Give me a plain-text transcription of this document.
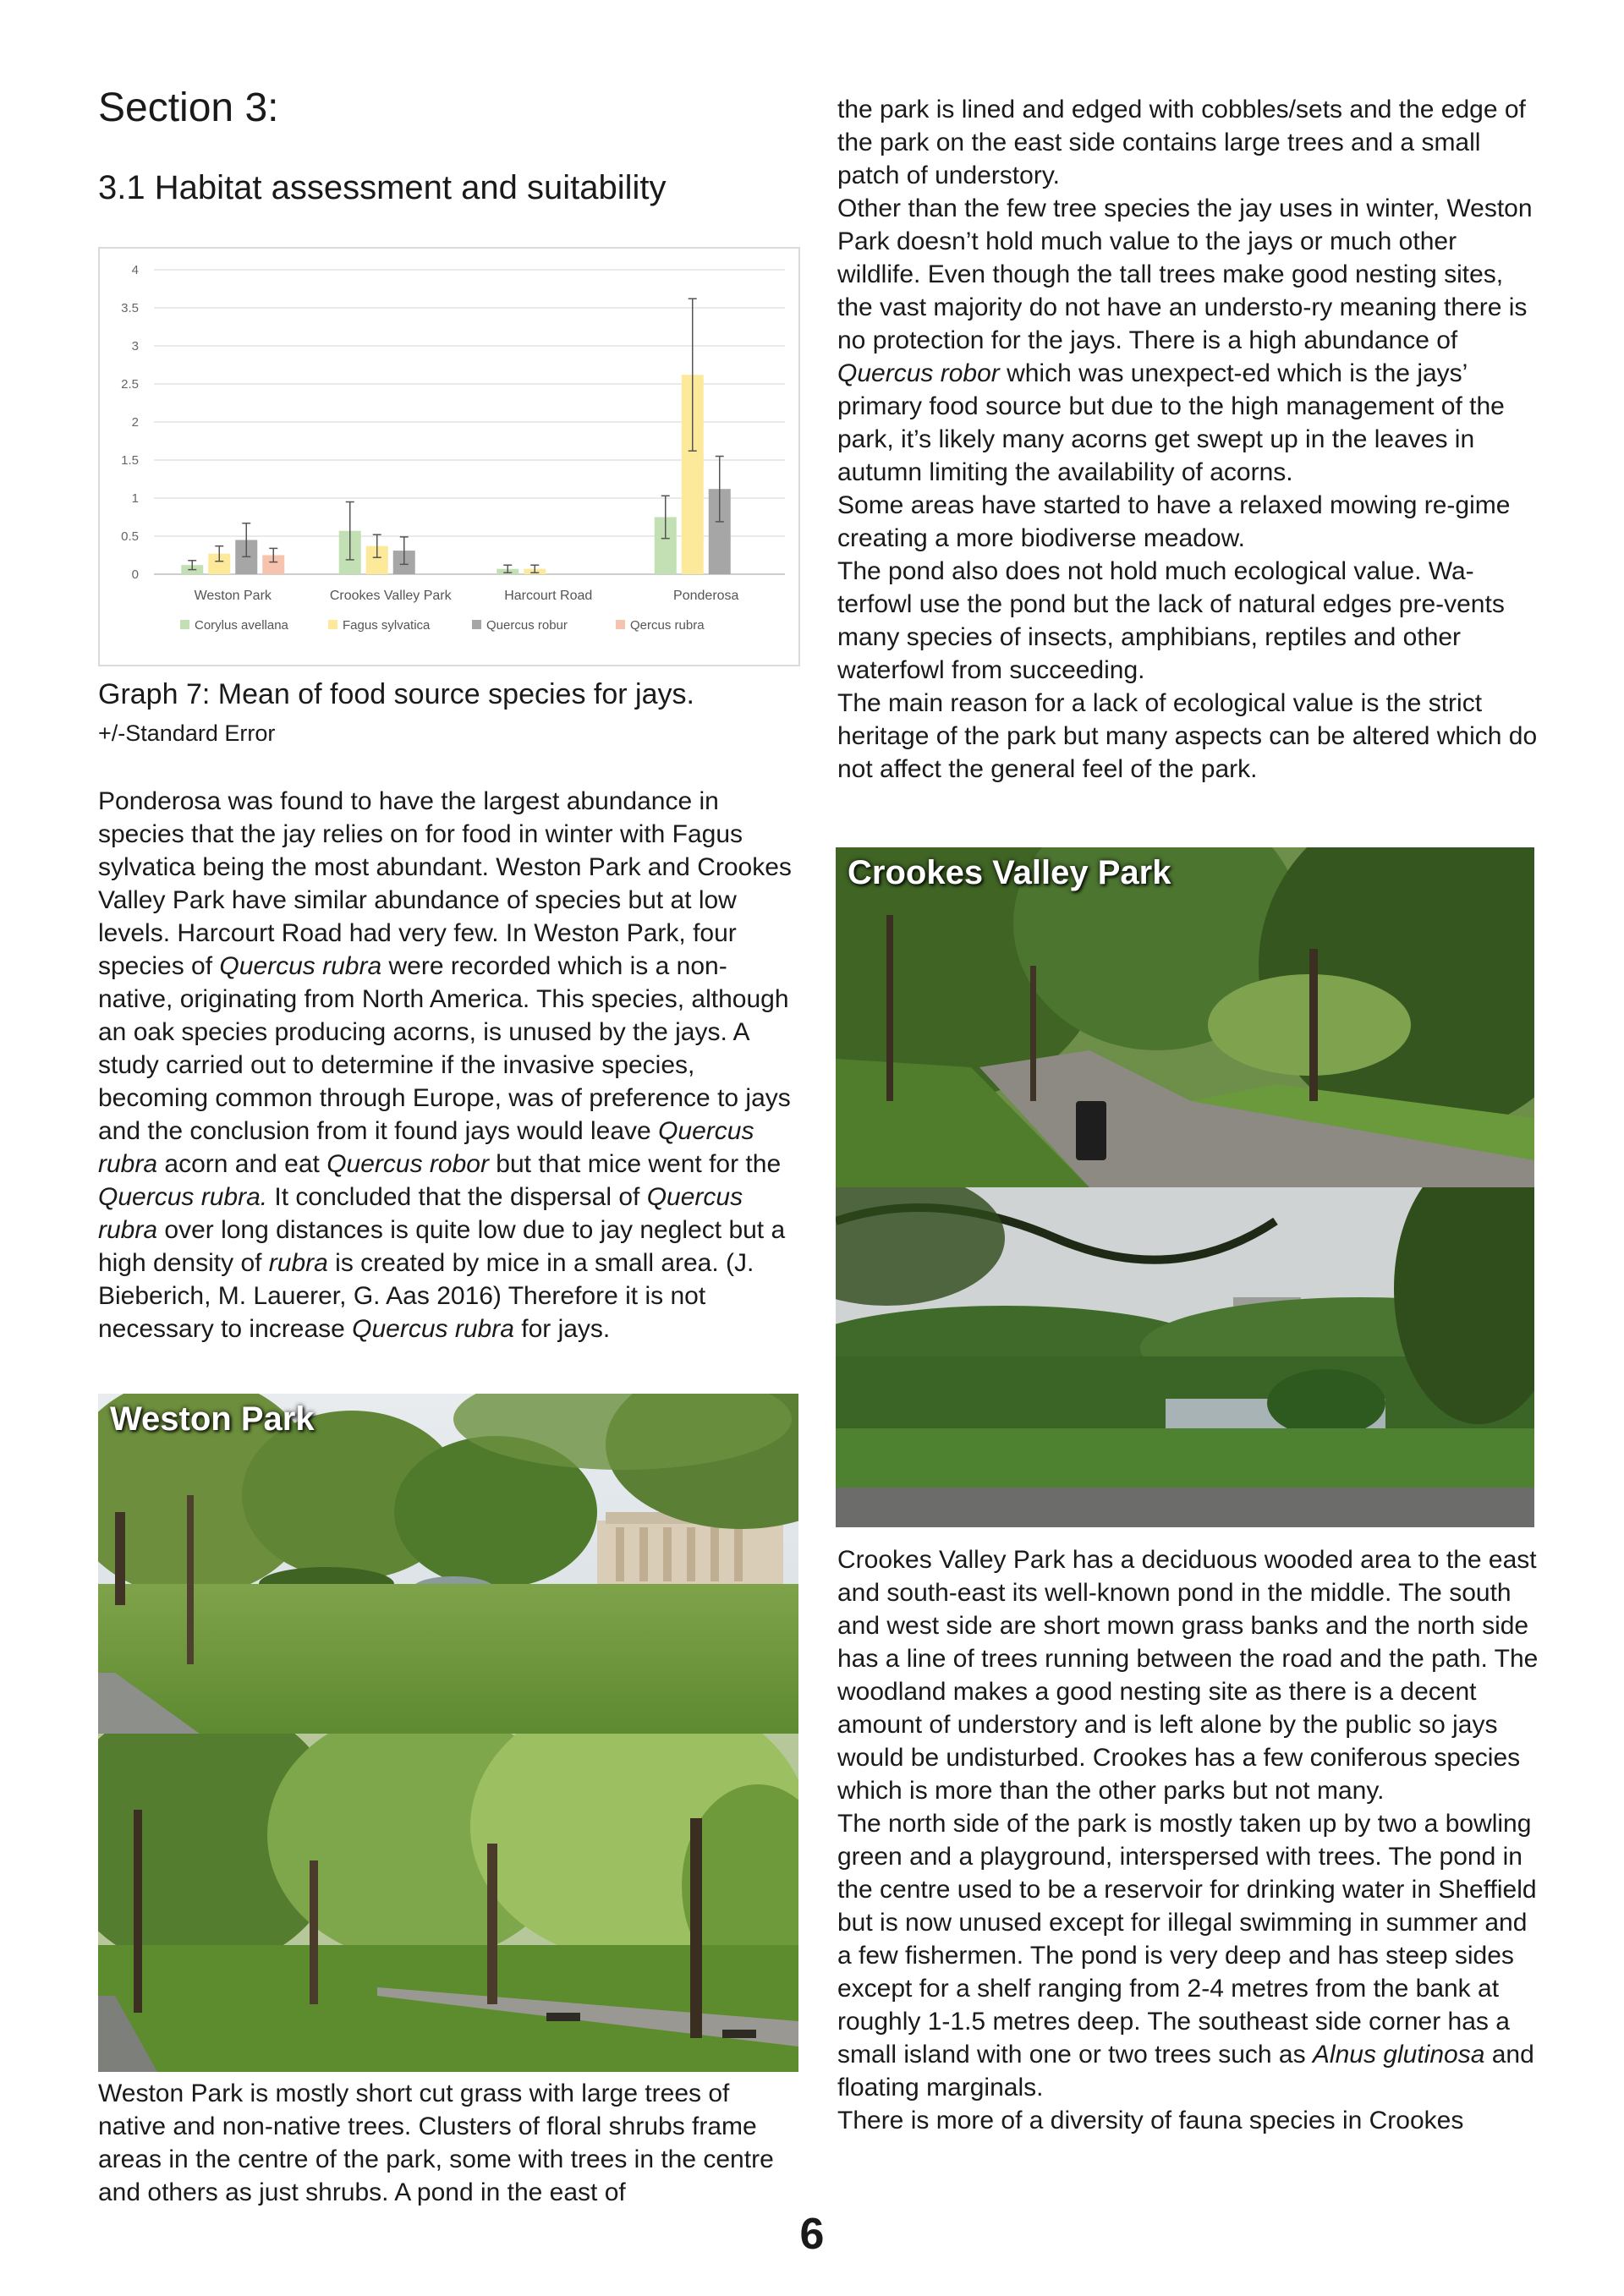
Section 3:
3.1 Habitat assessment and suitability
0
0.5
1
1.5
2
2.5
3
3.5
4
Weston Park	Crookes Valley Park	Harcourt Road	Ponderosa
Corylus avellana	Fagus sylvatica	Quercus robur	Qercus rubra

Graph 7: Mean of food source species for jays.

+/-Standard Error

Ponderosa was found to have the largest abundance in species that the jay relies on for food in winter with Fagus sylvatica being the most abundant. Weston Park and Crookes Valley Park have similar abundance of species but at low levels. Harcourt Road had very few. In Weston Park, four species of Quercus rubra were recorded which is a non-native, originating from North America. This species, although an oak species producing acorns, is unused by the jays. A study carried out to determine if the invasive species, becoming common through Europe, was of preference to jays and the conclusion from it found jays would leave Quercus rubra acorn and eat Quercus robor but that mice went for the Quercus rubra. It concluded that the dispersal of Quercus rubra over long distances is quite low due to jay neglect but a high density of rubra is created by mice in a small area. (J. Bieberich, M. Lauerer, G. Aas 2016) Therefore it is not necessary to increase Quercus rubra for jays.

Weston Park

Weston Park is mostly short cut grass with large trees of native and non-native trees. Clusters of floral shrubs frame areas in the centre of the park, some with trees in the centre and others as just shrubs. A pond in the east of

the park is lined and edged with cobbles/sets and the edge of the park on the east side contains large trees and a small patch of understory.

Other than the few tree species the jay uses in winter, Weston Park doesn’t hold much value to the jays or much other wildlife. Even though the tall trees make good nesting sites, the vast majority do not have an understo-ry meaning there is no protection for the jays. There is a high abundance of Quercus robor which was unexpect-ed which is the jays’ primary food source but due to the high management of the park, it’s likely many acorns get swept up in the leaves in autumn limiting the availability of acorns.

Some areas have started to have a relaxed mowing re-gime creating a more biodiverse meadow.

The pond also does not hold much ecological value. Wa-terfowl use the pond but the lack of natural edges pre-vents many species of insects, amphibians, reptiles and other waterfowl from succeeding.

The main reason for a lack of ecological value is the strict heritage of the park but many aspects can be altered which do not affect the general feel of the park.

Crookes Valley Park

Crookes Valley Park has a deciduous wooded area to the east and south-east its well-known pond in the middle. The south and west side are short mown grass banks and the north side has a line of trees running between the road and the path. The woodland makes a good nesting site as there is a decent amount of understory and is left alone by the public so jays would be undisturbed. Crookes has a few coniferous species which is more than the other parks but not many.

The north side of the park is mostly taken up by two a bowling green and a playground, interspersed with trees. The pond in the centre used to be a reservoir for drinking water in Sheffield but is now unused except for illegal swimming in summer and a few fishermen. The pond is very deep and has steep sides except for a shelf ranging from 2-4 metres from the bank at roughly 1-1.5 metres deep. The southeast side corner has a small island with one or two trees such as Alnus glutinosa and floating marginals.

There is more of a diversity of fauna species in Crookes

6
